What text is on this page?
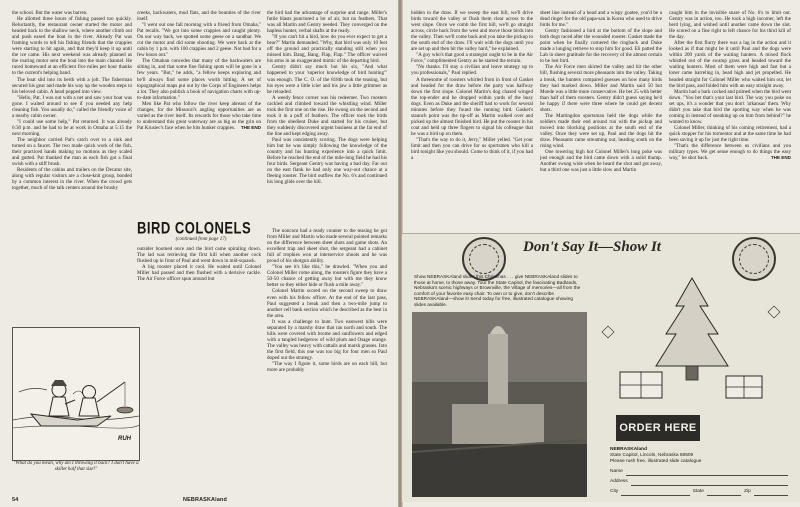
the school. But the water was barren.

He allotted three hours of fishing passed too quickly. Reluctantly, the restaurant owner started the motor and headed back to the shallow neck, where another climb out and push eased the boat in the river. Already Pat was framing words to tell his fishing friends that the crappies were starting to hit again, and that they'd keep it up until the ice came. His next weekend was already planned as the roaring motor sent the boat into the main channel. He raced homeward at an efficient five miles per hour thanks to the current's helping hand.

The boat slid into its berth with a jolt. The fisherman secured his gear and made his way up the wooden steps to his beloved cabin. A head popped into view.

"Hello, Pat. I was out with a net and saw your boat was gone. I waited around to see if you needed any help cleaning fish. You usually do," called the friendly voice of a nearby cabin owner.

"I could use some help," Pat returned. It was already 6:30 p.m. and he had to be at work in Omaha at 5:15 the next morning.

The neighbor carried Pat's catch over to a sink and turned on a faucet. The two made quick work of the fish, their practiced hands making no motions as they scaled and gutted. Pat thanked the man as each fish got a final swish with a stiff brush.

Residents of the cabins and trailers on the Decatur site, along with regular visitors are a close-knit group, bonded by a common interest in the river. When the crowd gets together, much of the talk centers around the brushy

creeks, backwaters, mud flats, and the bounties of the river itself.

"I went out one fall morning with a friend from Omaha," Pat recalls. "We got into some crappies and caught plenty. On our way back, we spotted some geese on a sandbar. We cut the motor and did some shooting. We were back at the cabin by 1 p.m. with 100 crappies and 2 geese. Not bad for a few hours out."

The Omahan concedes that many of the backwaters are silting in, and that some fine fishing spots will be gone in a few years. "But," he adds, "a fellow keeps exploring and he'll always find some places worth hitting. A set of topographical maps put out by the Corps of Engineers helps a lot. They also publish a book of navigation charts with up-to-date information."

Men like Pat who follow the river keep abreast of the changes, for the Missouri's angling opportunities are as varied as the river itself. Its rewards for those who take time to understand this great waterway are as big as the grin on Pat Krusiec's face when he hits hunker crappies.	THE END

BIRD COLONELS
(continued from page 17)

outsider boomed once and the bird came spiraling down. The lad was retrieving the first kill when another cock flushed up in front of Paul and went down in mid-squawk.

A big rooster placed it cool. He waited until Colonel Miller had passed and then flushed with a derisive cackle. The Air Force officer spun around but

the bird had the advantage of surprise and range. Miller's futile blasts punctured a lot of air, but no feathers. That was all Martin and Gentry needed. They converged on the hapless hunter, verbal shafts at the ready.

"If you can't hit a bird, how do you ever expect to get a bear?" Martin demanded. "Why, that bird was only 10 feet off the ground and practically standing still when you missed him. Bang, Bang, Flap, Flap." The officer waived his arms in an exaggerated mimic of the departing bird.

Gentry didn't say much but his six, "And what happened to your 'superior knowledge of bird hunting'" was enough. The C. O. of the 818th took the teasing, but his eyes were a little icier and his jaw a little grimmer as he reloaded.

A weedy fence corner was his redeemer. Two roosters cackled and climbed toward the whistling wind. Miller took the first one on the rise. He swung on the second and took it in a puff of feathers. The officer took the birds from the obedient Duke and started for his cruiser, but they suddenly discovered urgent business at the far end of the line and kept edging away.

Paul was consistently scoring. The dogs were helping him but he was simply following the knowledge of the country and his hunting experience into a quick limit. Before he reached the end of the mile-long field he had his four birds. Sergeant Gentry was having a bad day. Far out on the east flank he had only one way-out chance at a fleeing rooster. The bird outflew the No. 6's and continued his long glide over the hill.

The noncom had a ready counter to the teasing he got from Miller and Martin who made several pointed remarks on the difference between sheet shots and game shots. An excellent trap and skeet shot, the sergeant had a cabinet full of trophies won at interservice shoots and he was proud of his shotgun ability.

"You see it's like this," he drawled. "When you and Colonel Miller come along, the roosters figure they have a 50-50 chance of getting away but with me they know better so they either hide or flush a mile away."

Colonel Martin scored on the second sweep to draw even with his fellow officer. At the end of the last pass, Paul suggested a break and then a two-mile jump to another cell bank section which he described as the best in the area.

It was a challenge to hunt. Two eastwest hills were separated by a marshy draw that ran north and south. The hills were covered with brome and sunflowers and edged with a tangled hedgerow of wild plum and Osage orange. The valley was heavy with cattails and marsh grasses. Into the first field, this one was too big for four men so Paul doped out the strategy.

"The way I figure it, some birds are on each hill, but more are probably

RUH
"What do you mean, why am I throwing it back? I don't have a skillet half that size!"
54	NEBRASKAland

hidden in the draw. If we sweep the east hill, we'll drive birds toward the valley or flush them clear across to the west slope. Once we comb the first hill, we'll go straight across, circle back from the west and move those birds into the valley. Then we'll come back and you take the pickup to the south end of the draw. I'll wait with the dogs until you are set up and then hit the valley hard," he explained.

"A guy who's that good a strategist ought to be in the Air Force," complimented Gentry as he started the terrain.

"No thanks. I'll stay a civilian and leave strategy up to you professionals," Paul replied.

A threesome of roosters whirled from in front of Gasket and headed for the draw before the party was halfway down the first slope. Colonel Martin's dog chased winged the top-ender and he dropped within yards of the busy dogs. Even as Duke and the sheriff had to work for several minutes before they found the running bird. Gasket's staunch point was the tip-off as Martin walked over and picked up the almost finished bird. He put the rooster in his coat and held up three fingers to signal his colleague that he was a bird up on them.

"That's the way to do it, Jerry," Miller yelled. "Get your limit and then you can drive for us sportsmen who kill a bird tonight like you should. Come to think of it, if you had a

sheet line instead of a head and a wispy goatee, you'd be a dead ringer for the old papa-san in Korea who used to drive birds for me."

Gentry fashioned a bird at the bottom of the slope and both dogs raced after the wounded rooster. Gasket made the point when he finally cornered the ringback and Duke made a lunging retrieve to stop him for good. Eli patted the Lab in sheer gratitude for the recovery of the almost certain to be lost bird.

The Air Force men skirted the valley and hit the other hill, flushing several more pheasants into the valley. Taking a break, the hunters compared guesses on how many birds they had marked down. Miller and Martin said 50 but Moede was a little more conservative. He bet 25 with better than half of them roosters. Gentry didn't guess saying he'd be happy if there were three where he could get decent shots.

The Martingdon sportsman held the dogs while the soldiers made their end around run with the pickup and moved into blocking positions at the south end of the valley. Once they were set up, Paul and the dogs hit the draw. Pheasants came streaming out, heading south on the rising wind.

One towering high hot Colonel Miller's long poke was just enough and the bird came down with a solid thump. Another swung wide when he heard the shot and got away, but a third one was just a little slow and Martin

caught him in the invisible snare of No. 6's to limit out. Gentry was in action, too. He took a high incomer, left the herd lying, and wished until another came down the slot. He scored on a fine right to left chance for his third kill of the day.

After the first flurry there was a lag in the action and it looked as if that might be it until Paul and the dogs were within 200 yards of the waiting hunters. A mixed flock whistled out of the swamp grass and headed toward the waiting hunters. Most of them were high and fast but a loner came barreling in, head high and jet propelled. He headed straight for Colonel Miller who waited him out, let the bird pass, and folded him with an easy straight away.

Martin had a bark cocked and primed when the bird went down. "You bet that's your last bird. The way you poke on set ups, it's a wonder that you don't 'arkansas' them. Why didn't you take that bird the sporting way when he was coming in instead of sneaking up on him from behind?" he wanted to know.

Colonel Miller, thinking of his coming retirement, had a quick stopper for his tormentor and at the same time he had been saving it up for just the right time.

"That's the difference between us civilians and you military types. We get sense enough to do things the easy way," he shot back.	THE END

Don't Say It—Show It
Show NEBRASKAland slides this Christmas . . . give NEBRASKAland slides to those at home, to those away. Tour the State Capitol, the fascinating Badlands, Nebraska's scenic highways or Brownville, the Village of memories—all from the comfort of your favorite easy chair. To own or to give, don't describe NEBRASKAland—show it! Send today for free, illustrated catalogue showing slides available.
ORDER HERE
NEBRASKAland
State Capitol, Lincoln, Nebraska 68509
Please rush free, illustrated slide catalogue
Name
Address
City	State	Zip
